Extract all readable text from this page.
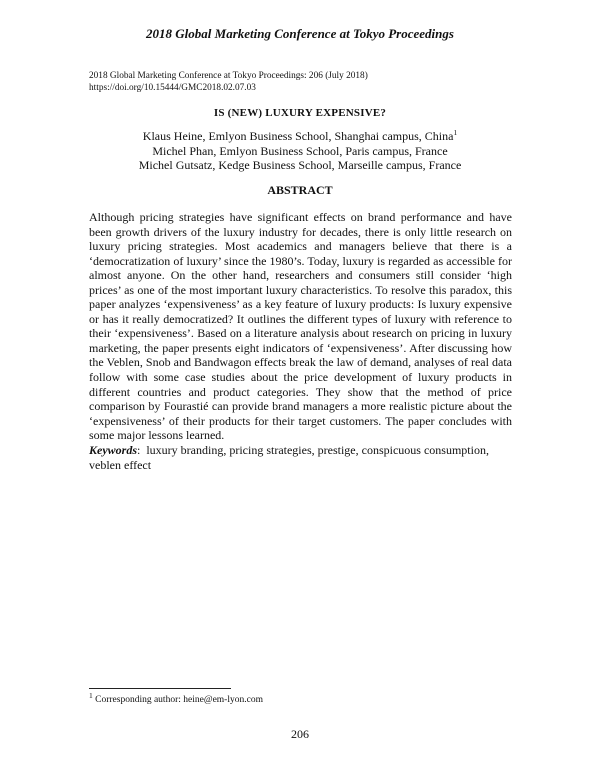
2018 Global Marketing Conference at Tokyo Proceedings
2018 Global Marketing Conference at Tokyo Proceedings: 206 (July 2018)
https://doi.org/10.15444/GMC2018.02.07.03
IS (NEW) LUXURY EXPENSIVE?
Klaus Heine, Emlyon Business School, Shanghai campus, China$^1$
Michel Phan, Emlyon Business School, Paris campus, France
Michel Gutsatz, Kedge Business School, Marseille campus, France
ABSTRACT
Although pricing strategies have significant effects on brand performance and have been growth drivers of the luxury industry for decades, there is only little research on luxury pricing strategies. Most academics and managers believe that there is a ‘democratization of luxury’ since the 1980’s. Today, luxury is regarded as accessible for almost anyone. On the other hand, researchers and consumers still consider ‘high prices’ as one of the most important luxury characteristics. To resolve this paradox, this paper analyzes ‘expensiveness’ as a key feature of luxury products: Is luxury expensive or has it really democratized? It outlines the different types of luxury with reference to their ‘expensiveness’. Based on a literature analysis about research on pricing in luxury marketing, the paper presents eight indicators of ‘expensiveness’. After discussing how the Veblen, Snob and Bandwagon effects break the law of demand, analyses of real data follow with some case studies about the price development of luxury products in different countries and product categories. They show that the method of price comparison by Fourastié can provide brand managers a more realistic picture about the ‘expensiveness’ of their products for their target customers. The paper concludes with some major lessons learned.
Keywords: luxury branding, pricing strategies, prestige, conspicuous consumption,
veblen effect
$^1$ Corresponding author: heine@em-lyon.com
206
